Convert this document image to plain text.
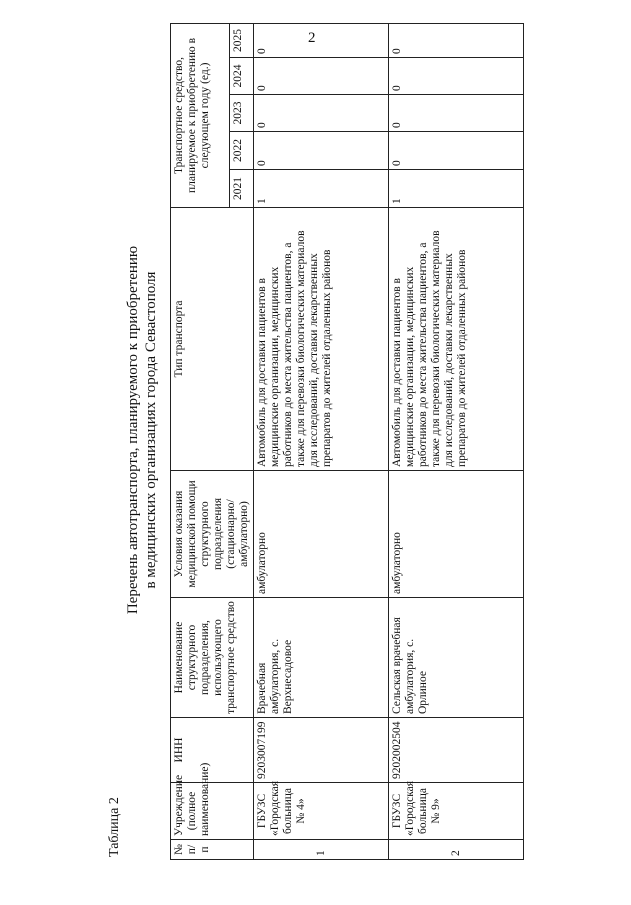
2
Таблица 2
Перечень автотранспорта, планируемого к приобретению в медицинских организациях города Севастополя
№ п/п	Учреждение (полное наименование)	ИНН	Наименование структурного подразделения, использующего транспортное средство	Условия оказания медицинской помощи структурного подразделения (стационарно/ амбулаторно)	Тип транспорта	Транспортное средство, планируемое к приобретению в следующем году (ед.)				
						2021	2022	2023	2024	2025
1	ГБУЗС «Городская больница № 4»	9203007199	Врачебная амбулатория, с. Верхнесадовое	амбулаторно	Автомобиль для доставки пациентов в медицинские организации, медицинских работников до места жительства пациентов, а также для перевозки биологических материалов для исследований, доставки лекарственных препаратов до жителей отдаленных районов	1	0	0	0	0
2	ГБУЗС «Городская больница № 9»	9202002504	Сельская врачебная амбулатория, с. Орлиное	амбулаторно	Автомобиль для доставки пациентов в медицинские организации, медицинских работников до места жительства пациентов, а также для перевозки биологических материалов для исследований, доставки лекарственных препаратов до жителей отдаленных районов	1	0	0	0	0
